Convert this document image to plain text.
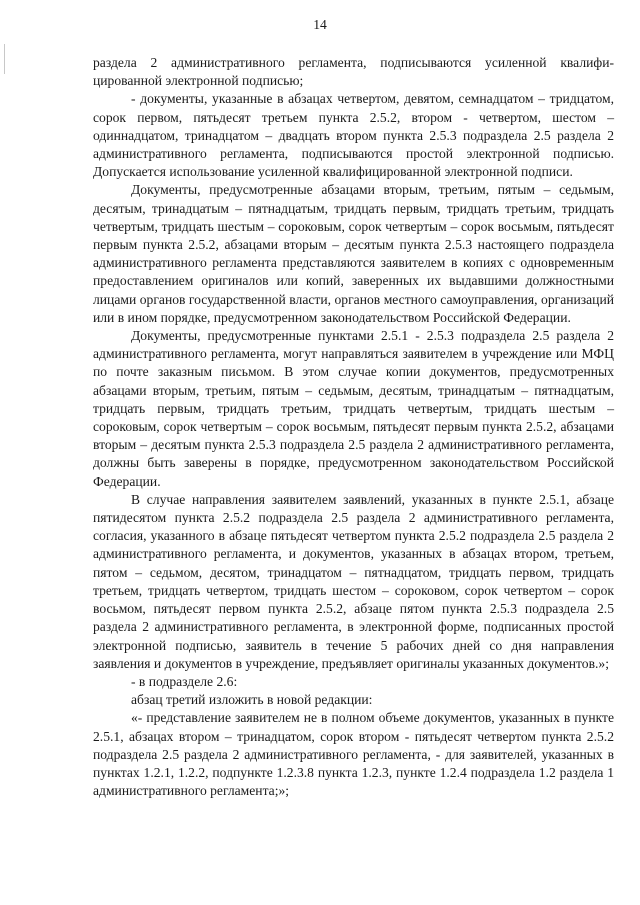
14

раздела 2 административного регламента, подписываются усиленной квалифицированной электронной подписью;

- документы, указанные в абзацах четвертом, девятом, семнадцатом – тридцатом, сорок первом, пятьдесят третьем пункта 2.5.2, втором - четвертом, шестом – одиннадцатом, тринадцатом – двадцать втором пункта 2.5.3 подраздела 2.5 раздела 2 административного регламента, подписываются простой электронной подписью. Допускается использование усиленной квалифицированной электронной подписи.

Документы, предусмотренные абзацами вторым, третьим, пятым – седьмым, десятым, тринадцатым – пятнадцатым, тридцать первым, тридцать третьим, тридцать четвертым, тридцать шестым – сороковым, сорок четвертым – сорок восьмым, пятьдесят первым пункта 2.5.2, абзацами вторым – десятым пункта 2.5.3 настоящего подраздела административного регламента представляются заявителем в копиях с одновременным предоставлением оригиналов или копий, заверенных их выдавшими должностными лицами органов государственной власти, органов местного самоуправления, организаций или в ином порядке, предусмотренном законодательством Российской Федерации.

Документы, предусмотренные пунктами 2.5.1 - 2.5.3 подраздела 2.5 раздела 2 административного регламента, могут направляться заявителем в учреждение или МФЦ по почте заказным письмом. В этом случае копии документов, предусмотренных абзацами вторым, третьим, пятым – седьмым, десятым, тринадцатым – пятнадцатым, тридцать первым, тридцать третьим, тридцать четвертым, тридцать шестым – сороковым, сорок четвертым – сорок восьмым, пятьдесят первым пункта 2.5.2, абзацами вторым – десятым пункта 2.5.3 подраздела 2.5 раздела 2 административного регламента, должны быть заверены в порядке, предусмотренном законодательством Российской Федерации.

В случае направления заявителем заявлений, указанных в пункте 2.5.1, абзаце пятидесятом пункта 2.5.2 подраздела 2.5 раздела 2 административного регламента, согласия, указанного в абзаце пятьдесят четвертом пункта 2.5.2 подраздела 2.5 раздела 2 административного регламента, и документов, указанных в абзацах втором, третьем, пятом – седьмом, десятом, тринадцатом – пятнадцатом, тридцать первом, тридцать третьем, тридцать четвертом, тридцать шестом – сороковом, сорок четвертом – сорок восьмом, пятьдесят первом пункта 2.5.2, абзаце пятом пункта 2.5.3 подраздела 2.5 раздела 2 административного регламента, в электронной форме, подписанных простой электронной подписью, заявитель в течение 5 рабочих дней со дня направления заявления и документов в учреждение, предъявляет оригиналы указанных документов.»;

- в подразделе 2.6:

абзац третий изложить в новой редакции:

«- представление заявителем не в полном объеме документов, указанных в пункте 2.5.1, абзацах втором – тринадцатом, сорок втором - пятьдесят четвертом пункта 2.5.2 подраздела 2.5 раздела 2 административного регламента, - для заявителей, указанных в пунктах 1.2.1, 1.2.2, подпункте 1.2.3.8 пункта 1.2.3, пункте 1.2.4 подраздела 1.2 раздела 1 административного регламента;»;
